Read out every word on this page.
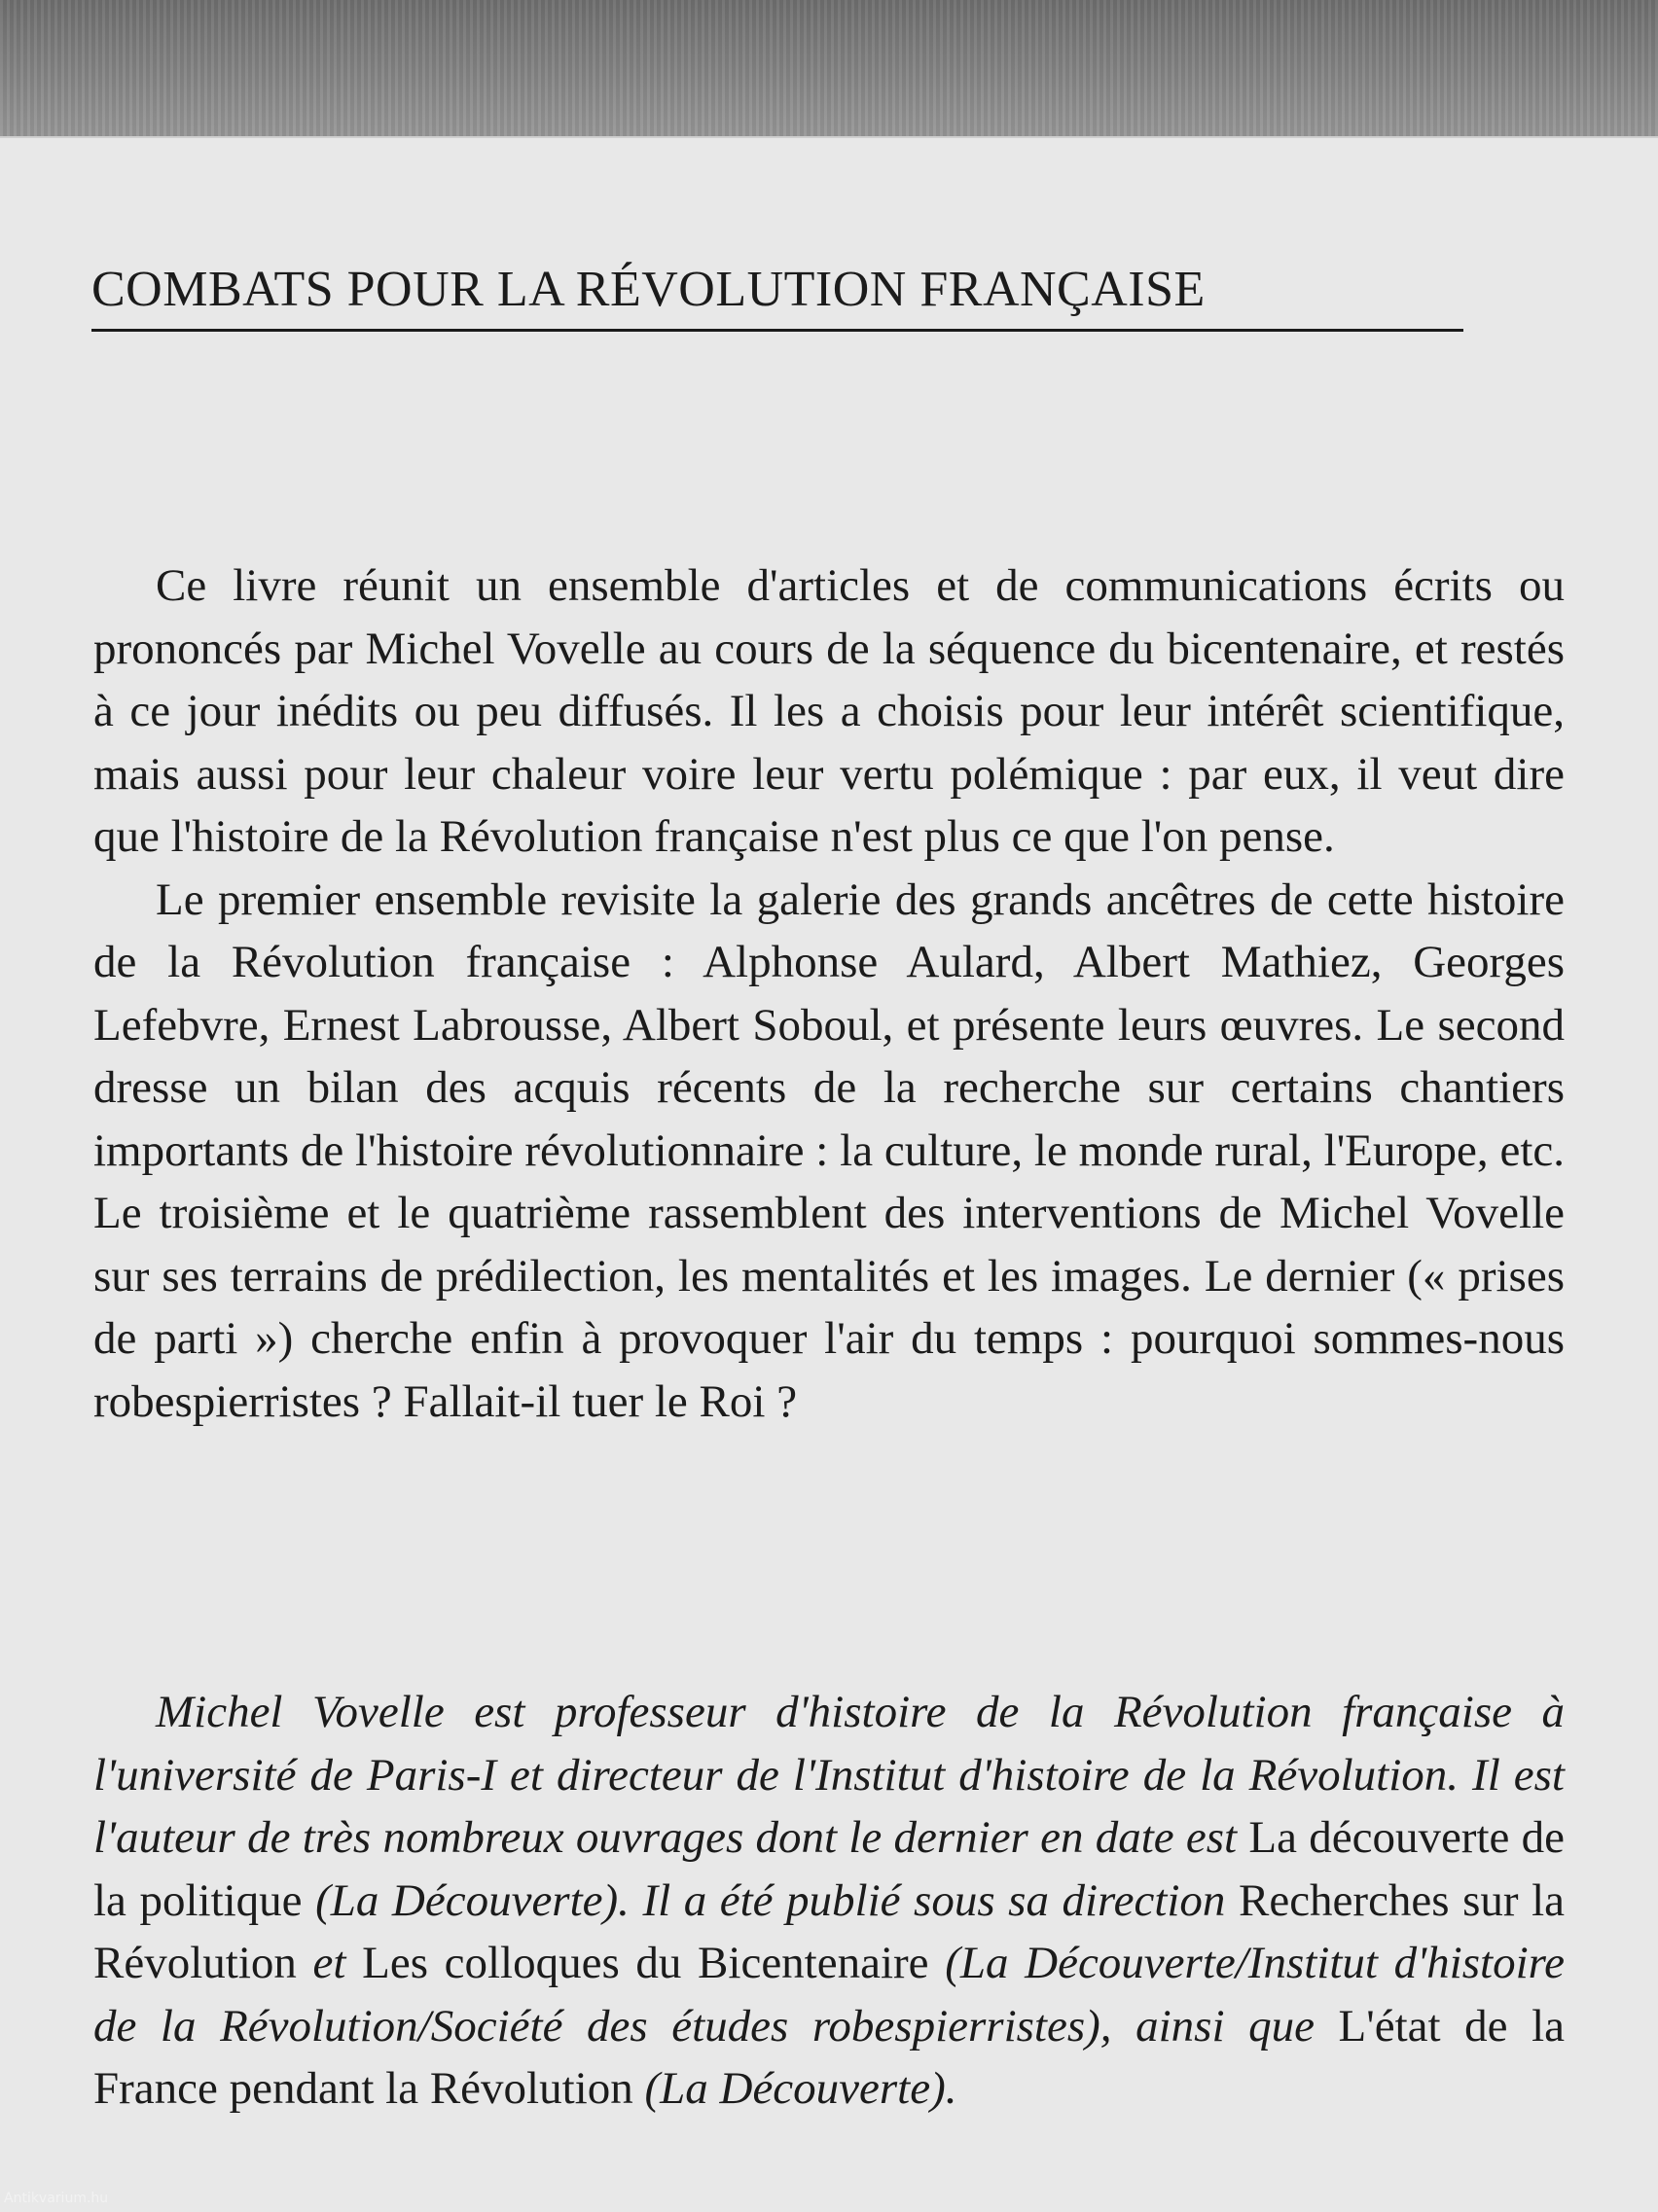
COMBATS POUR LA RÉVOLUTION FRANÇAISE

Ce livre réunit un ensemble d'articles et de communications écrits ou prononcés par Michel Vovelle au cours de la séquence du bicentenaire, et restés à ce jour inédits ou peu diffusés. Il les a choisis pour leur intérêt scientifique, mais aussi pour leur chaleur voire leur vertu polémique : par eux, il veut dire que l'histoire de la Révolution française n'est plus ce que l'on pense.

Le premier ensemble revisite la galerie des grands ancêtres de cette histoire de la Révolution française : Alphonse Aulard, Albert Mathiez, Georges Lefebvre, Ernest Labrousse, Albert Soboul, et présente leurs œuvres. Le second dresse un bilan des acquis récents de la recherche sur certains chantiers importants de l'histoire révolutionnaire : la culture, le monde rural, l'Europe, etc. Le troisième et le quatrième rassemblent des interventions de Michel Vovelle sur ses terrains de prédilection, les mentalités et les images. Le dernier (« prises de parti ») cherche enfin à provoquer l'air du temps : pourquoi sommes-nous robespierristes ? Fallait-il tuer le Roi ?

Michel Vovelle est professeur d'histoire de la Révolution française à l'université de Paris-I et directeur de l'Institut d'histoire de la Révolution. Il est l'auteur de très nombreux ouvrages dont le dernier en date est La découverte de la politique (La Découverte). Il a été publié sous sa direction Recherches sur la Révolution et Les colloques du Bicentenaire (La Découverte/Institut d'histoire de la Révolution/Société des études robespierristes), ainsi que L'état de la France pendant la Révolution (La Découverte).

Antikvarium.hu
